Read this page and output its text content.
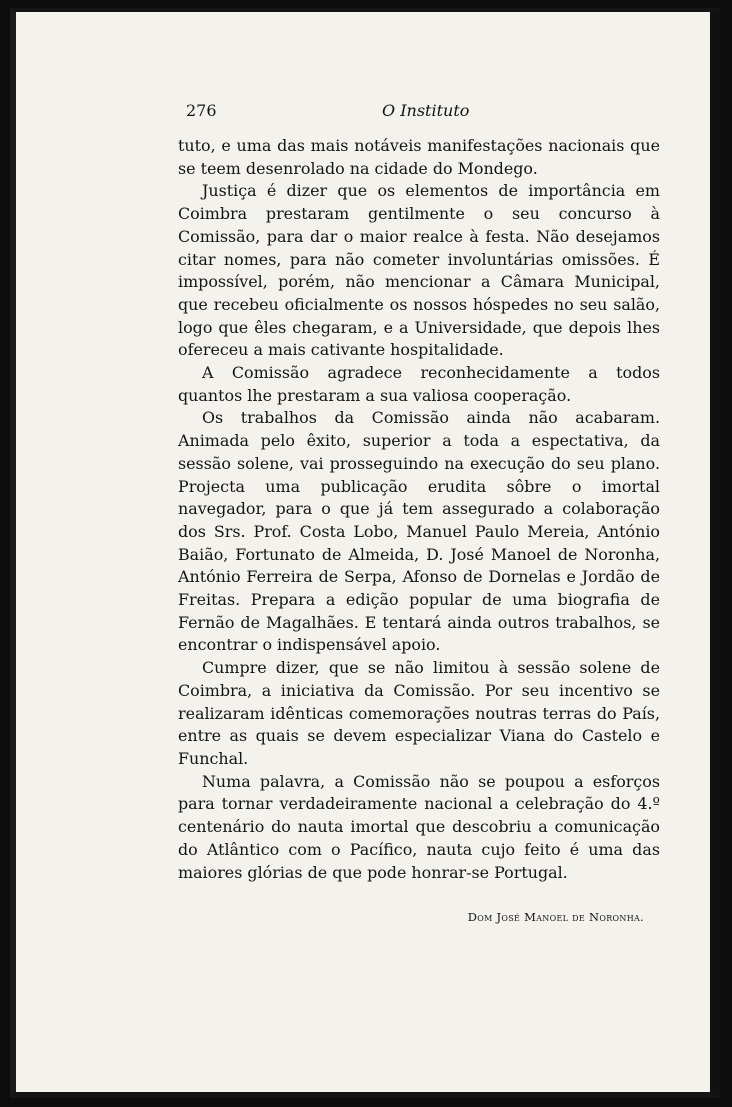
276	O Instituto

tuto, e uma das mais notáveis manifestações nacionais que se teem desenrolado na cidade do Mondego.

Justiça é dizer que os elementos de importância em Coimbra prestaram gentilmente o seu concurso à Comissão, para dar o maior realce à festa. Não desejamos citar nomes, para não cometer involuntárias omissões. É impossível, porém, não mencionar a Câmara Municipal, que recebeu oficialmente os nossos hóspedes no seu salão, logo que êles chegaram, e a Universidade, que depois lhes ofereceu a mais cativante hospitalidade.

A Comissão agradece reconhecidamente a todos quantos lhe prestaram a sua valiosa cooperação.

Os trabalhos da Comissão ainda não acabaram. Animada pelo êxito, superior a toda a espectativa, da sessão solene, vai prosseguindo na execução do seu plano. Projecta uma publicação erudita sôbre o imortal navegador, para o que já tem assegurado a colaboração dos Srs. Prof. Costa Lobo, Manuel Paulo Mereia, António Baião, Fortunato de Almeida, D. José Manoel de Noronha, António Ferreira de Serpa, Afonso de Dornelas e Jordão de Freitas. Prepara a edição popular de uma biografia de Fernão de Magalhães. E tentará ainda outros trabalhos, se encontrar o indispensável apoio.

Cumpre dizer, que se não limitou à sessão solene de Coimbra, a iniciativa da Comissão. Por seu incentivo se realizaram idênticas comemorações noutras terras do País, entre as quais se devem especializar Viana do Castelo e Funchal.

Numa palavra, a Comissão não se poupou a esforços para tornar verdadeiramente nacional a celebração do 4.º centenário do nauta imortal que descobriu a comunicação do Atlântico com o Pacífico, nauta cujo feito é uma das maiores glórias de que pode honrar-se Portugal.

Dom José Manoel de Noronha.
